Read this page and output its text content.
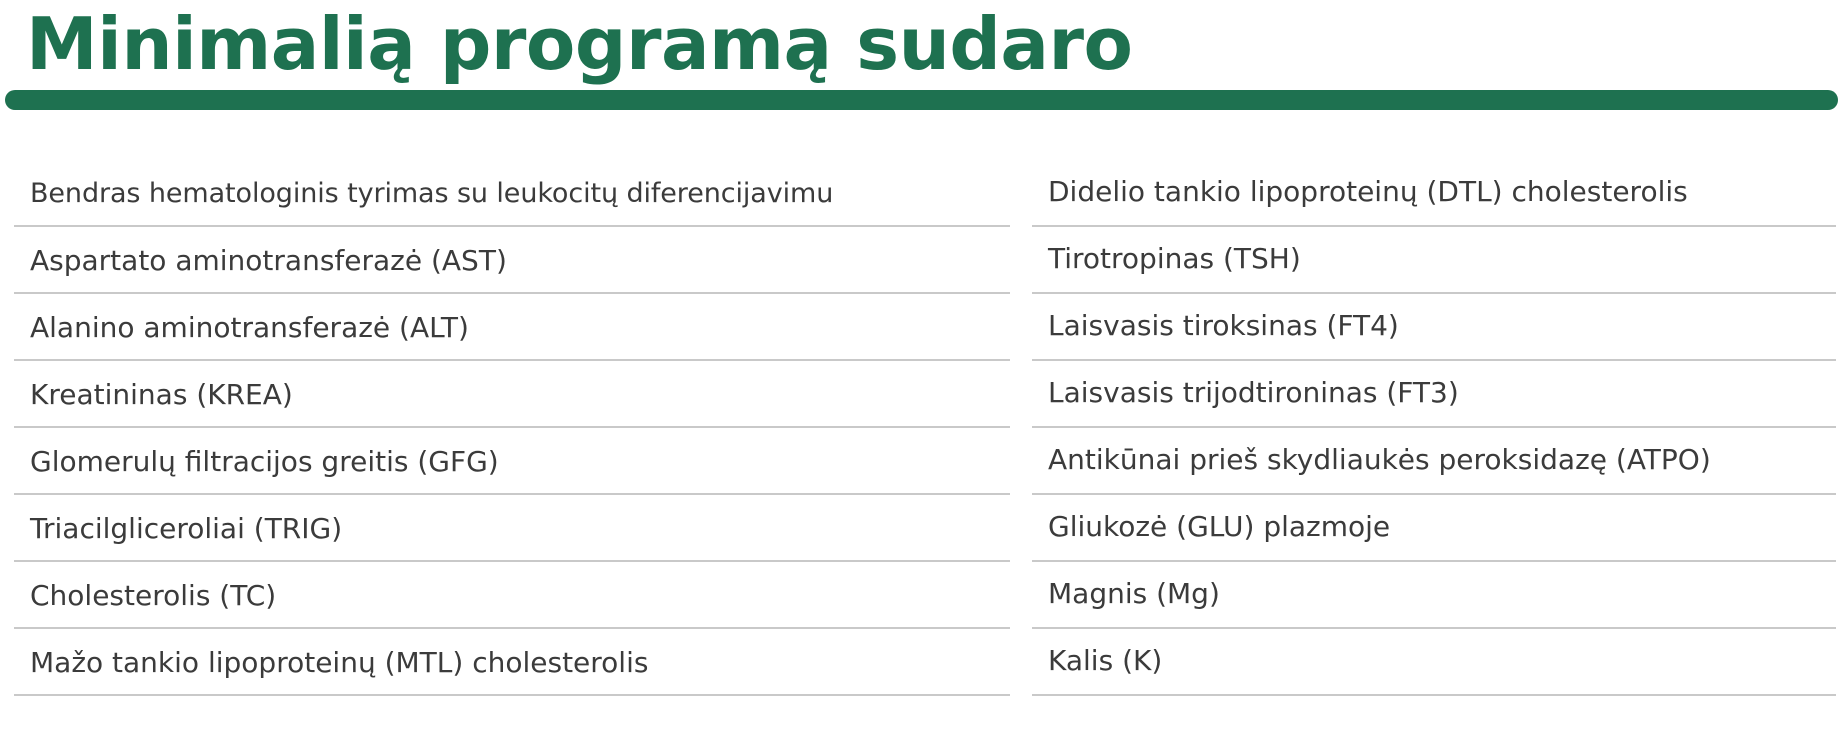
Minimalią programą sudaro
Bendras hematologinis tyrimas su leukocitų diferencijavimu
Aspartato aminotransferazė (AST)
Alanino aminotransferazė (ALT)
Kreatininas (KREA)
Glomerulų filtracijos greitis (GFG)
Triacilgliceroliai (TRIG)
Cholesterolis (TC)
Mažo tankio lipoproteinų (MTL) cholesterolis
Didelio tankio lipoproteinų (DTL) cholesterolis
Tirotropinas (TSH)
Laisvasis tiroksinas (FT4)
Laisvasis trijodtironinas (FT3)
Antikūnai prieš skydliaukės peroksidazę (ATPO)
Gliukozė (GLU) plazmoje
Magnis (Mg)
Kalis (K)
